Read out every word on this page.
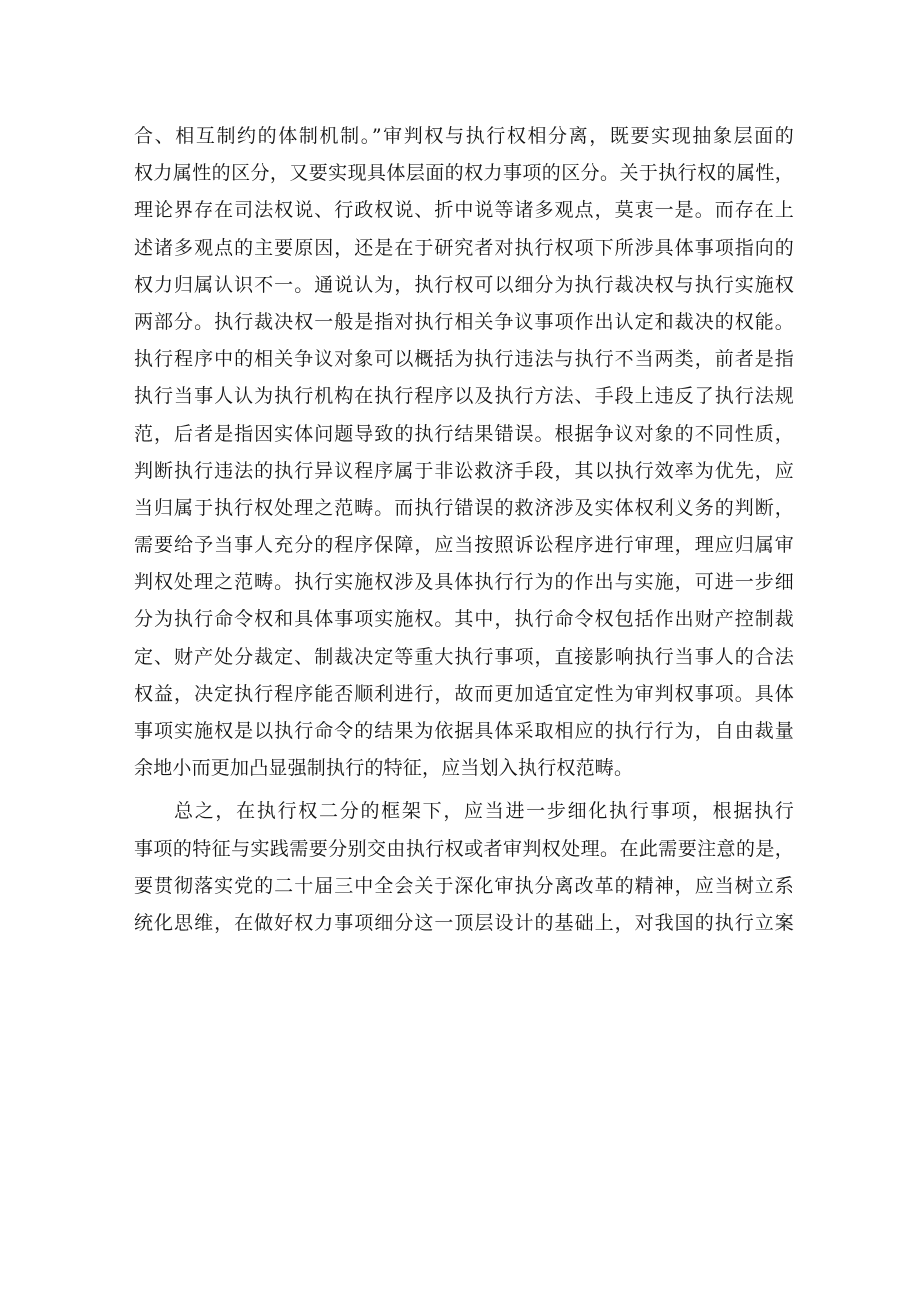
合、相互制约的体制机制。”审判权与执行权相分离，既要实现抽象层面的
权力属性的区分，又要实现具体层面的权力事项的区分。关于执行权的属性，
理论界存在司法权说、行政权说、折中说等诸多观点，莫衷一是。而存在上
述诸多观点的主要原因，还是在于研究者对执行权项下所涉具体事项指向的
权力归属认识不一。通说认为，执行权可以细分为执行裁决权与执行实施权
两部分。执行裁决权一般是指对执行相关争议事项作出认定和裁决的权能。
执行程序中的相关争议对象可以概括为执行违法与执行不当两类，前者是指
执行当事人认为执行机构在执行程序以及执行方法、手段上违反了执行法规
范，后者是指因实体问题导致的执行结果错误。根据争议对象的不同性质，
判断执行违法的执行异议程序属于非讼救济手段，其以执行效率为优先，应
当归属于执行权处理之范畴。而执行错误的救济涉及实体权利义务的判断，
需要给予当事人充分的程序保障，应当按照诉讼程序进行审理，理应归属审
判权处理之范畴。执行实施权涉及具体执行行为的作出与实施，可进一步细
分为执行命令权和具体事项实施权。其中，执行命令权包括作出财产控制裁
定、财产处分裁定、制裁决定等重大执行事项，直接影响执行当事人的合法
权益，决定执行程序能否顺利进行，故而更加适宜定性为审判权事项。具体
事项实施权是以执行命令的结果为依据具体采取相应的执行行为，自由裁量
余地小而更加凸显强制执行的特征，应当划入执行权范畴。
总之，在执行权二分的框架下，应当进一步细化执行事项，根据执行
事项的特征与实践需要分别交由执行权或者审判权处理。在此需要注意的是，
要贯彻落实党的二十届三中全会关于深化审执分离改革的精神，应当树立系
统化思维，在做好权力事项细分这一顶层设计的基础上，对我国的执行立案
